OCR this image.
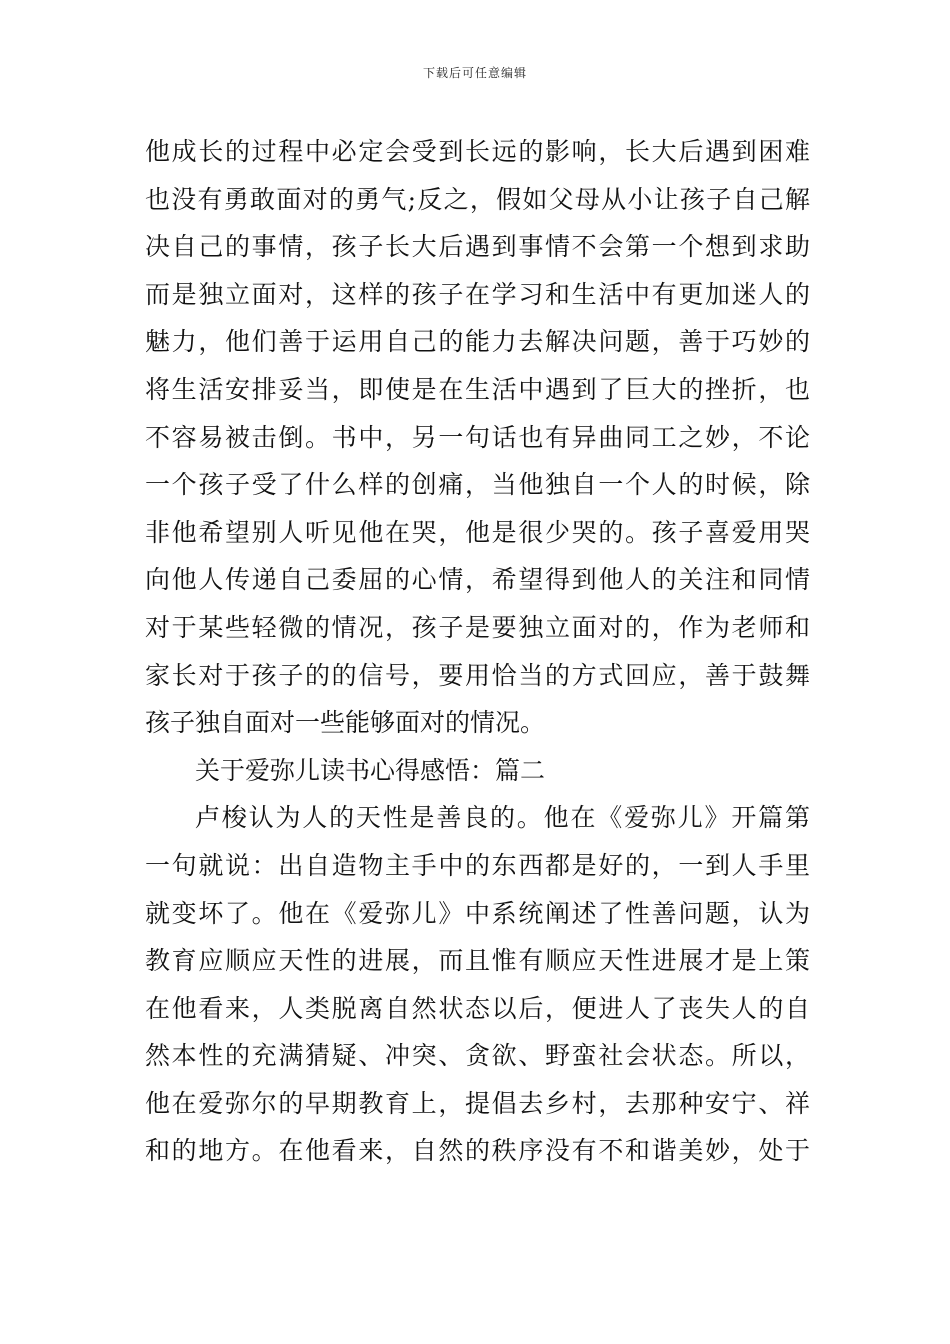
下载后可任意编辑
他成长的过程中必定会受到长远的影响，长大后遇到困难
也没有勇敢面对的勇气;反之，假如父母从小让孩子自己解
决自己的事情，孩子长大后遇到事情不会第一个想到求助
而是独立面对，这样的孩子在学习和生活中有更加迷人的
魅力，他们善于运用自己的能力去解决问题，善于巧妙的
将生活安排妥当，即使是在生活中遇到了巨大的挫折，也
不容易被击倒。书中，另一句话也有异曲同工之妙，不论
一个孩子受了什么样的创痛，当他独自一个人的时候，除
非他希望别人听见他在哭，他是很少哭的。孩子喜爱用哭
向他人传递自己委屈的心情，希望得到他人的关注和同情
对于某些轻微的情况，孩子是要独立面对的，作为老师和
家长对于孩子的的信号，要用恰当的方式回应，善于鼓舞
孩子独自面对一些能够面对的情况。
关于爱弥儿读书心得感悟：篇二
卢梭认为人的天性是善良的。他在《爱弥儿》开篇第
一句就说：出自造物主手中的东西都是好的，一到人手里
就变坏了。他在《爱弥儿》中系统阐述了性善问题，认为
教育应顺应天性的进展，而且惟有顺应天性进展才是上策
在他看来，人类脱离自然状态以后，便进人了丧失人的自
然本性的充满猜疑、冲突、贪欲、野蛮社会状态。所以，
他在爱弥尔的早期教育上，提倡去乡村，去那种安宁、祥
和的地方。在他看来，自然的秩序没有不和谐美妙，处于
